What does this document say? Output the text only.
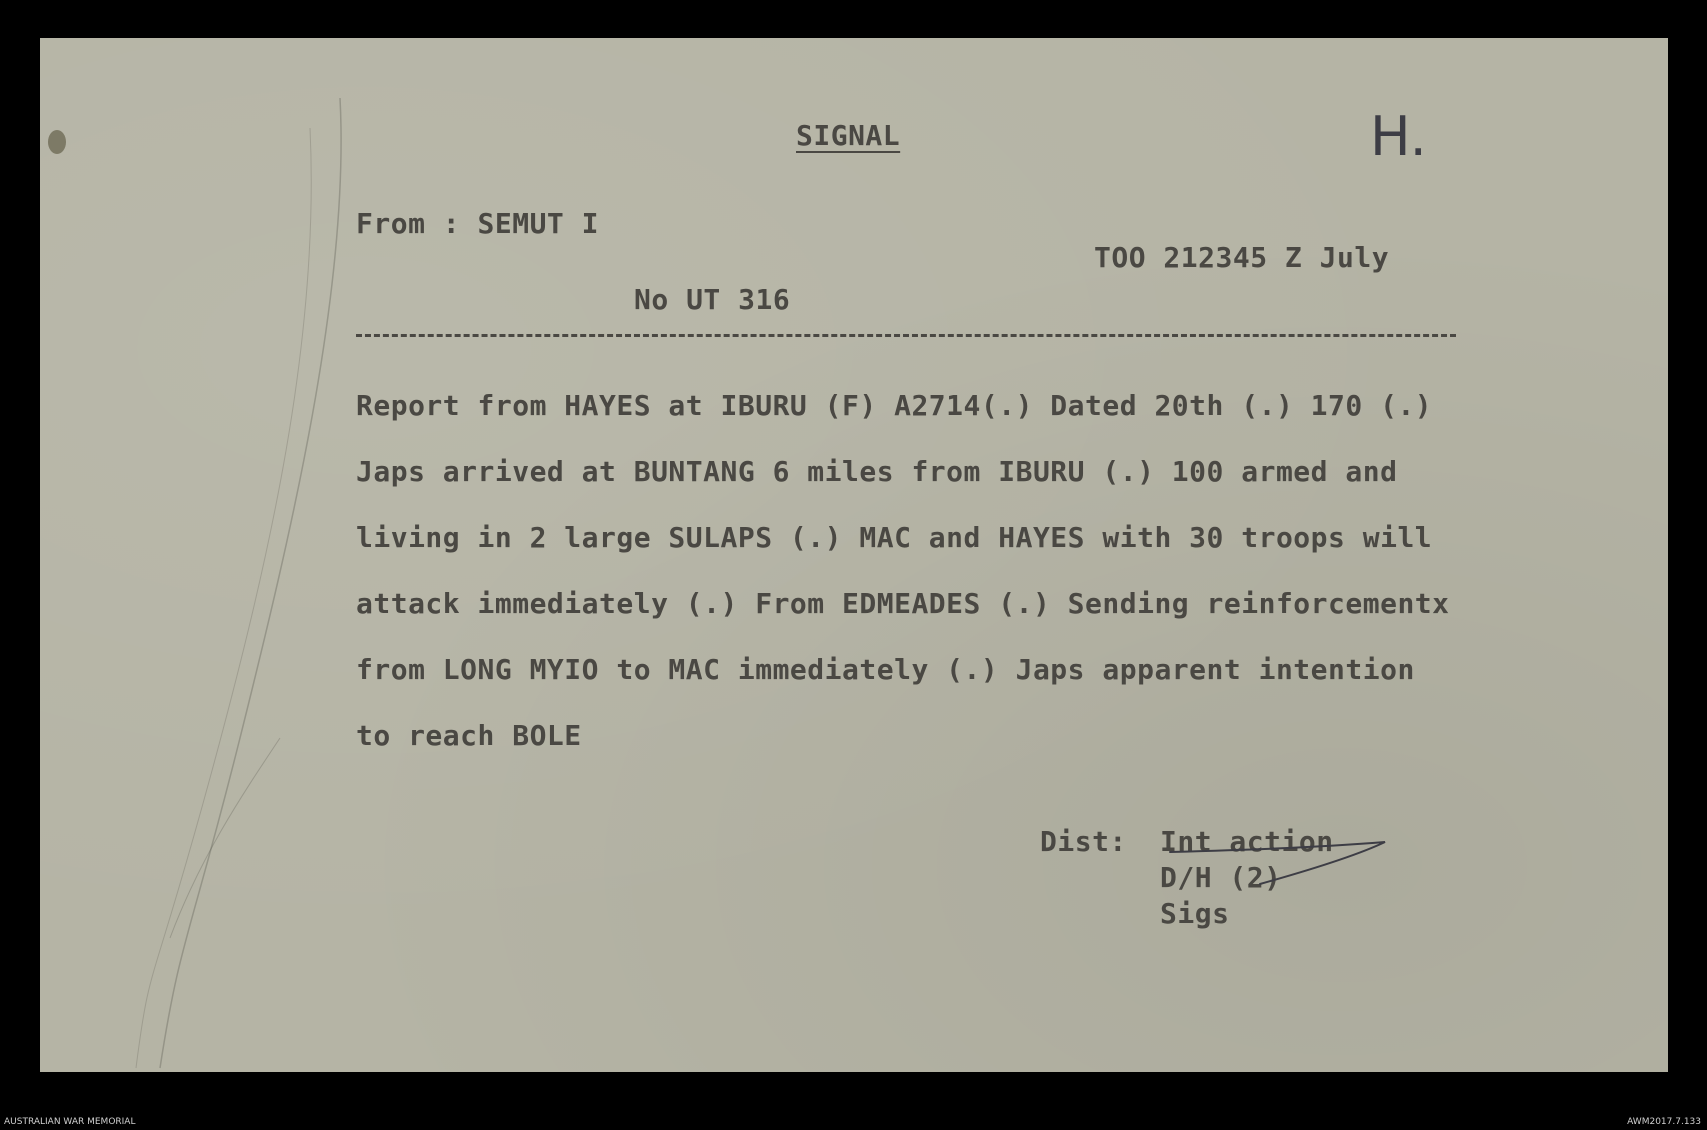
SIGNAL	H.
From : SEMUT I
TOO 212345 Z July
No UT 316
Report from HAYES at IBURU (F) A2714(.) Dated 20th (.) 170 (.)
Japs arrived at BUNTANG 6 miles from IBURU (.) 100 armed and
living in 2 large SULAPS (.) MAC and HAYES with 30 troops will
attack immediately (.) From EDMEADES (.) Sending reinforcementx
from LONG MYIO to MAC immediately (.) Japs apparent intention
to reach BOLE
Dist: Int action
D/H (2)
Sigs
AUSTRALIAN WAR MEMORIAL	AWM2017.7.133
